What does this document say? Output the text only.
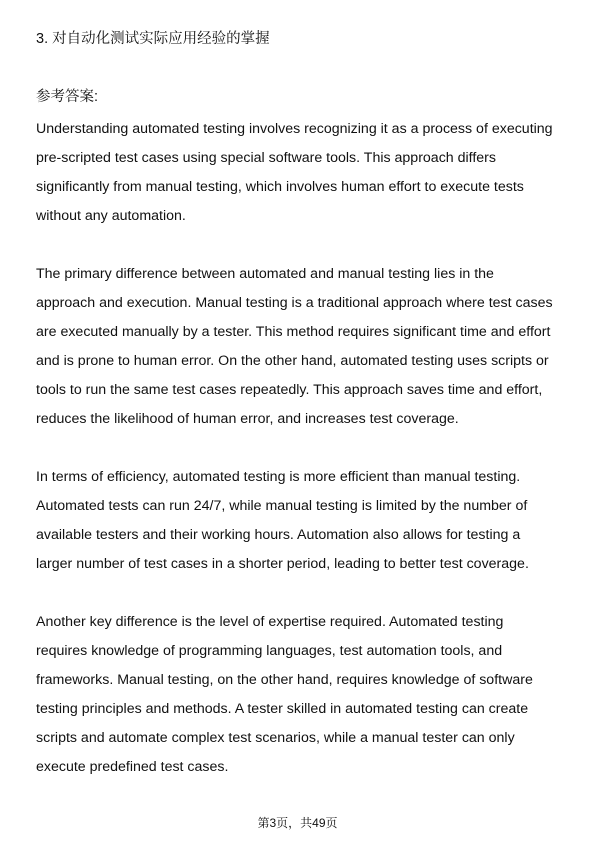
3. 对自动化测试实际应用经验的掌握
参考答案:

Understanding automated testing involves recognizing it as a process of executing
pre-scripted test cases using special software tools. This approach differs
significantly from manual testing, which involves human effort to execute tests
without any automation.

The primary difference between automated and manual testing lies in the
approach and execution. Manual testing is a traditional approach where test cases
are executed manually by a tester. This method requires significant time and effort
and is prone to human error. On the other hand, automated testing uses scripts or
tools to run the same test cases repeatedly. This approach saves time and effort,
reduces the likelihood of human error, and increases test coverage.

In terms of efficiency, automated testing is more efficient than manual testing.
Automated tests can run 24/7, while manual testing is limited by the number of
available testers and their working hours. Automation also allows for testing a
larger number of test cases in a shorter period, leading to better test coverage.

Another key difference is the level of expertise required. Automated testing
requires knowledge of programming languages, test automation tools, and
frameworks. Manual testing, on the other hand, requires knowledge of software
testing principles and methods. A tester skilled in automated testing can create
scripts and automate complex test scenarios, while a manual tester can only
execute predefined test cases.

第3页，共49页
